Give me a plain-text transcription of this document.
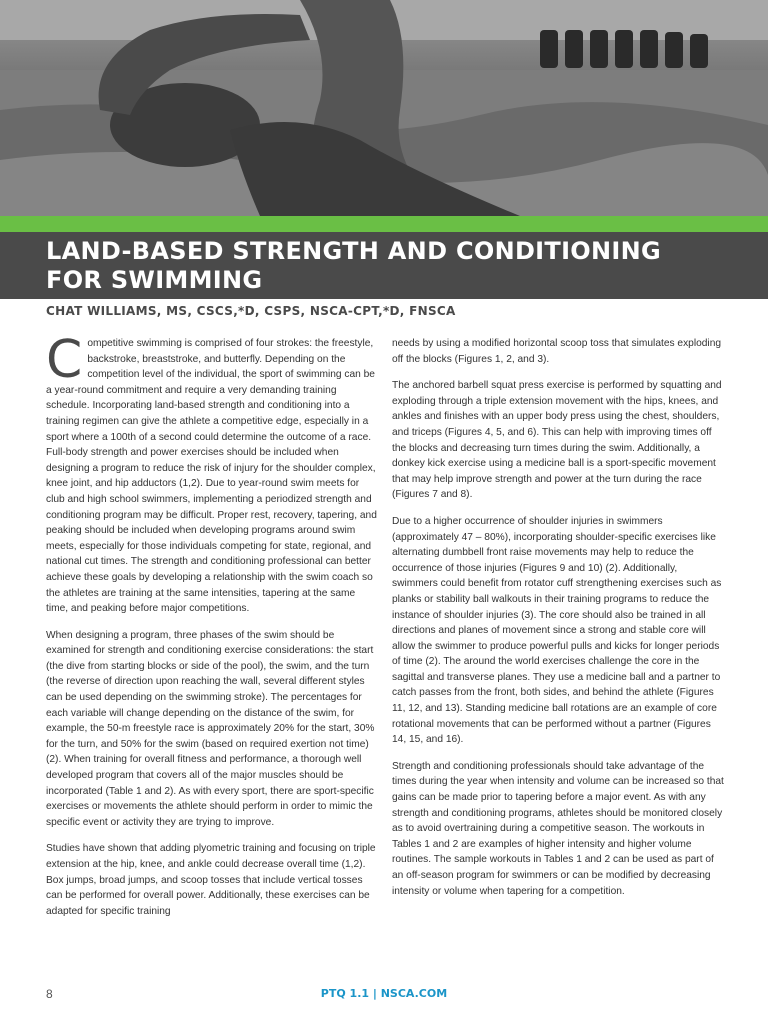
LAND-BASED STRENGTH AND CONDITIONING
FOR SWIMMING
CHAT WILLIAMS, MS, CSCS,*D, CSPS, NSCA-CPT,*D, FNSCA

Competitive swimming is comprised of four strokes: the freestyle, backstroke, breaststroke, and butterfly. Depending on the competition level of the individual, the sport of swimming can be a year-round commitment and require a very demanding training schedule. Incorporating land-based strength and conditioning into a training regimen can give the athlete a competitive edge, especially in a sport where a 100th of a second could determine the outcome of a race. Full-body strength and power exercises should be included when designing a program to reduce the risk of injury for the shoulder complex, knee joint, and hip adductors (1,2). Due to year-round swim meets for club and high school swimmers, implementing a periodized strength and conditioning program may be difficult. Proper rest, recovery, tapering, and peaking should be included when developing programs around swim meets, especially for those individuals competing for state, regional, and national cut times. The strength and conditioning professional can better achieve these goals by developing a relationship with the swim coach so the athletes are training at the same intensities, tapering at the same time, and peaking before major competitions.

When designing a program, three phases of the swim should be examined for strength and conditioning exercise considerations: the start (the dive from starting blocks or side of the pool), the swim, and the turn (the reverse of direction upon reaching the wall, several different styles can be used depending on the swimming stroke). The percentages for each variable will change depending on the distance of the swim, for example, the 50-m freestyle race is approximately 20% for the start, 30% for the turn, and 50% for the swim (based on required exertion not time) (2). When training for overall fitness and performance, a thorough well developed program that covers all of the major muscles should be incorporated (Table 1 and 2). As with every sport, there are sport-specific exercises or movements the athlete should perform in order to mimic the specific event or activity they are trying to improve.

Studies have shown that adding plyometric training and focusing on triple extension at the hip, knee, and ankle could decrease overall time (1,2). Box jumps, broad jumps, and scoop tosses that include vertical tosses can be performed for overall power. Additionally, these exercises can be adapted for specific training

needs by using a modified horizontal scoop toss that simulates exploding off the blocks (Figures 1, 2, and 3).

The anchored barbell squat press exercise is performed by squatting and exploding through a triple extension movement with the hips, knees, and ankles and finishes with an upper body press using the chest, shoulders, and triceps (Figures 4, 5, and 6). This can help with improving times off the blocks and decreasing turn times during the swim. Additionally, a donkey kick exercise using a medicine ball is a sport-specific movement that may help improve strength and power at the turn during the race (Figures 7 and 8).

Due to a higher occurrence of shoulder injuries in swimmers (approximately 47 – 80%), incorporating shoulder-specific exercises like alternating dumbbell front raise movements may help to reduce the occurrence of those injuries (Figures 9 and 10) (2). Additionally, swimmers could benefit from rotator cuff strengthening exercises such as planks or stability ball walkouts in their training programs to reduce the instance of shoulder injuries (3). The core should also be trained in all directions and planes of movement since a strong and stable core will allow the swimmer to produce powerful pulls and kicks for longer periods of time (2). The around the world exercises challenge the core in the sagittal and transverse planes. They use a medicine ball and a partner to catch passes from the front, both sides, and behind the athlete (Figures 11, 12, and 13). Standing medicine ball rotations are an example of core rotational movements that can be performed without a partner (Figures 14, 15, and 16).

Strength and conditioning professionals should take advantage of the times during the year when intensity and volume can be increased so that gains can be made prior to tapering before a major event. As with any strength and conditioning programs, athletes should be monitored closely as to avoid overtraining during a competitive season. The workouts in Tables 1 and 2 are examples of higher intensity and higher volume routines. The sample workouts in Tables 1 and 2 can be used as part of an off-season program for swimmers or can be modified by decreasing intensity or volume when tapering for a competition.

8	PTQ 1.1 | NSCA.COM
